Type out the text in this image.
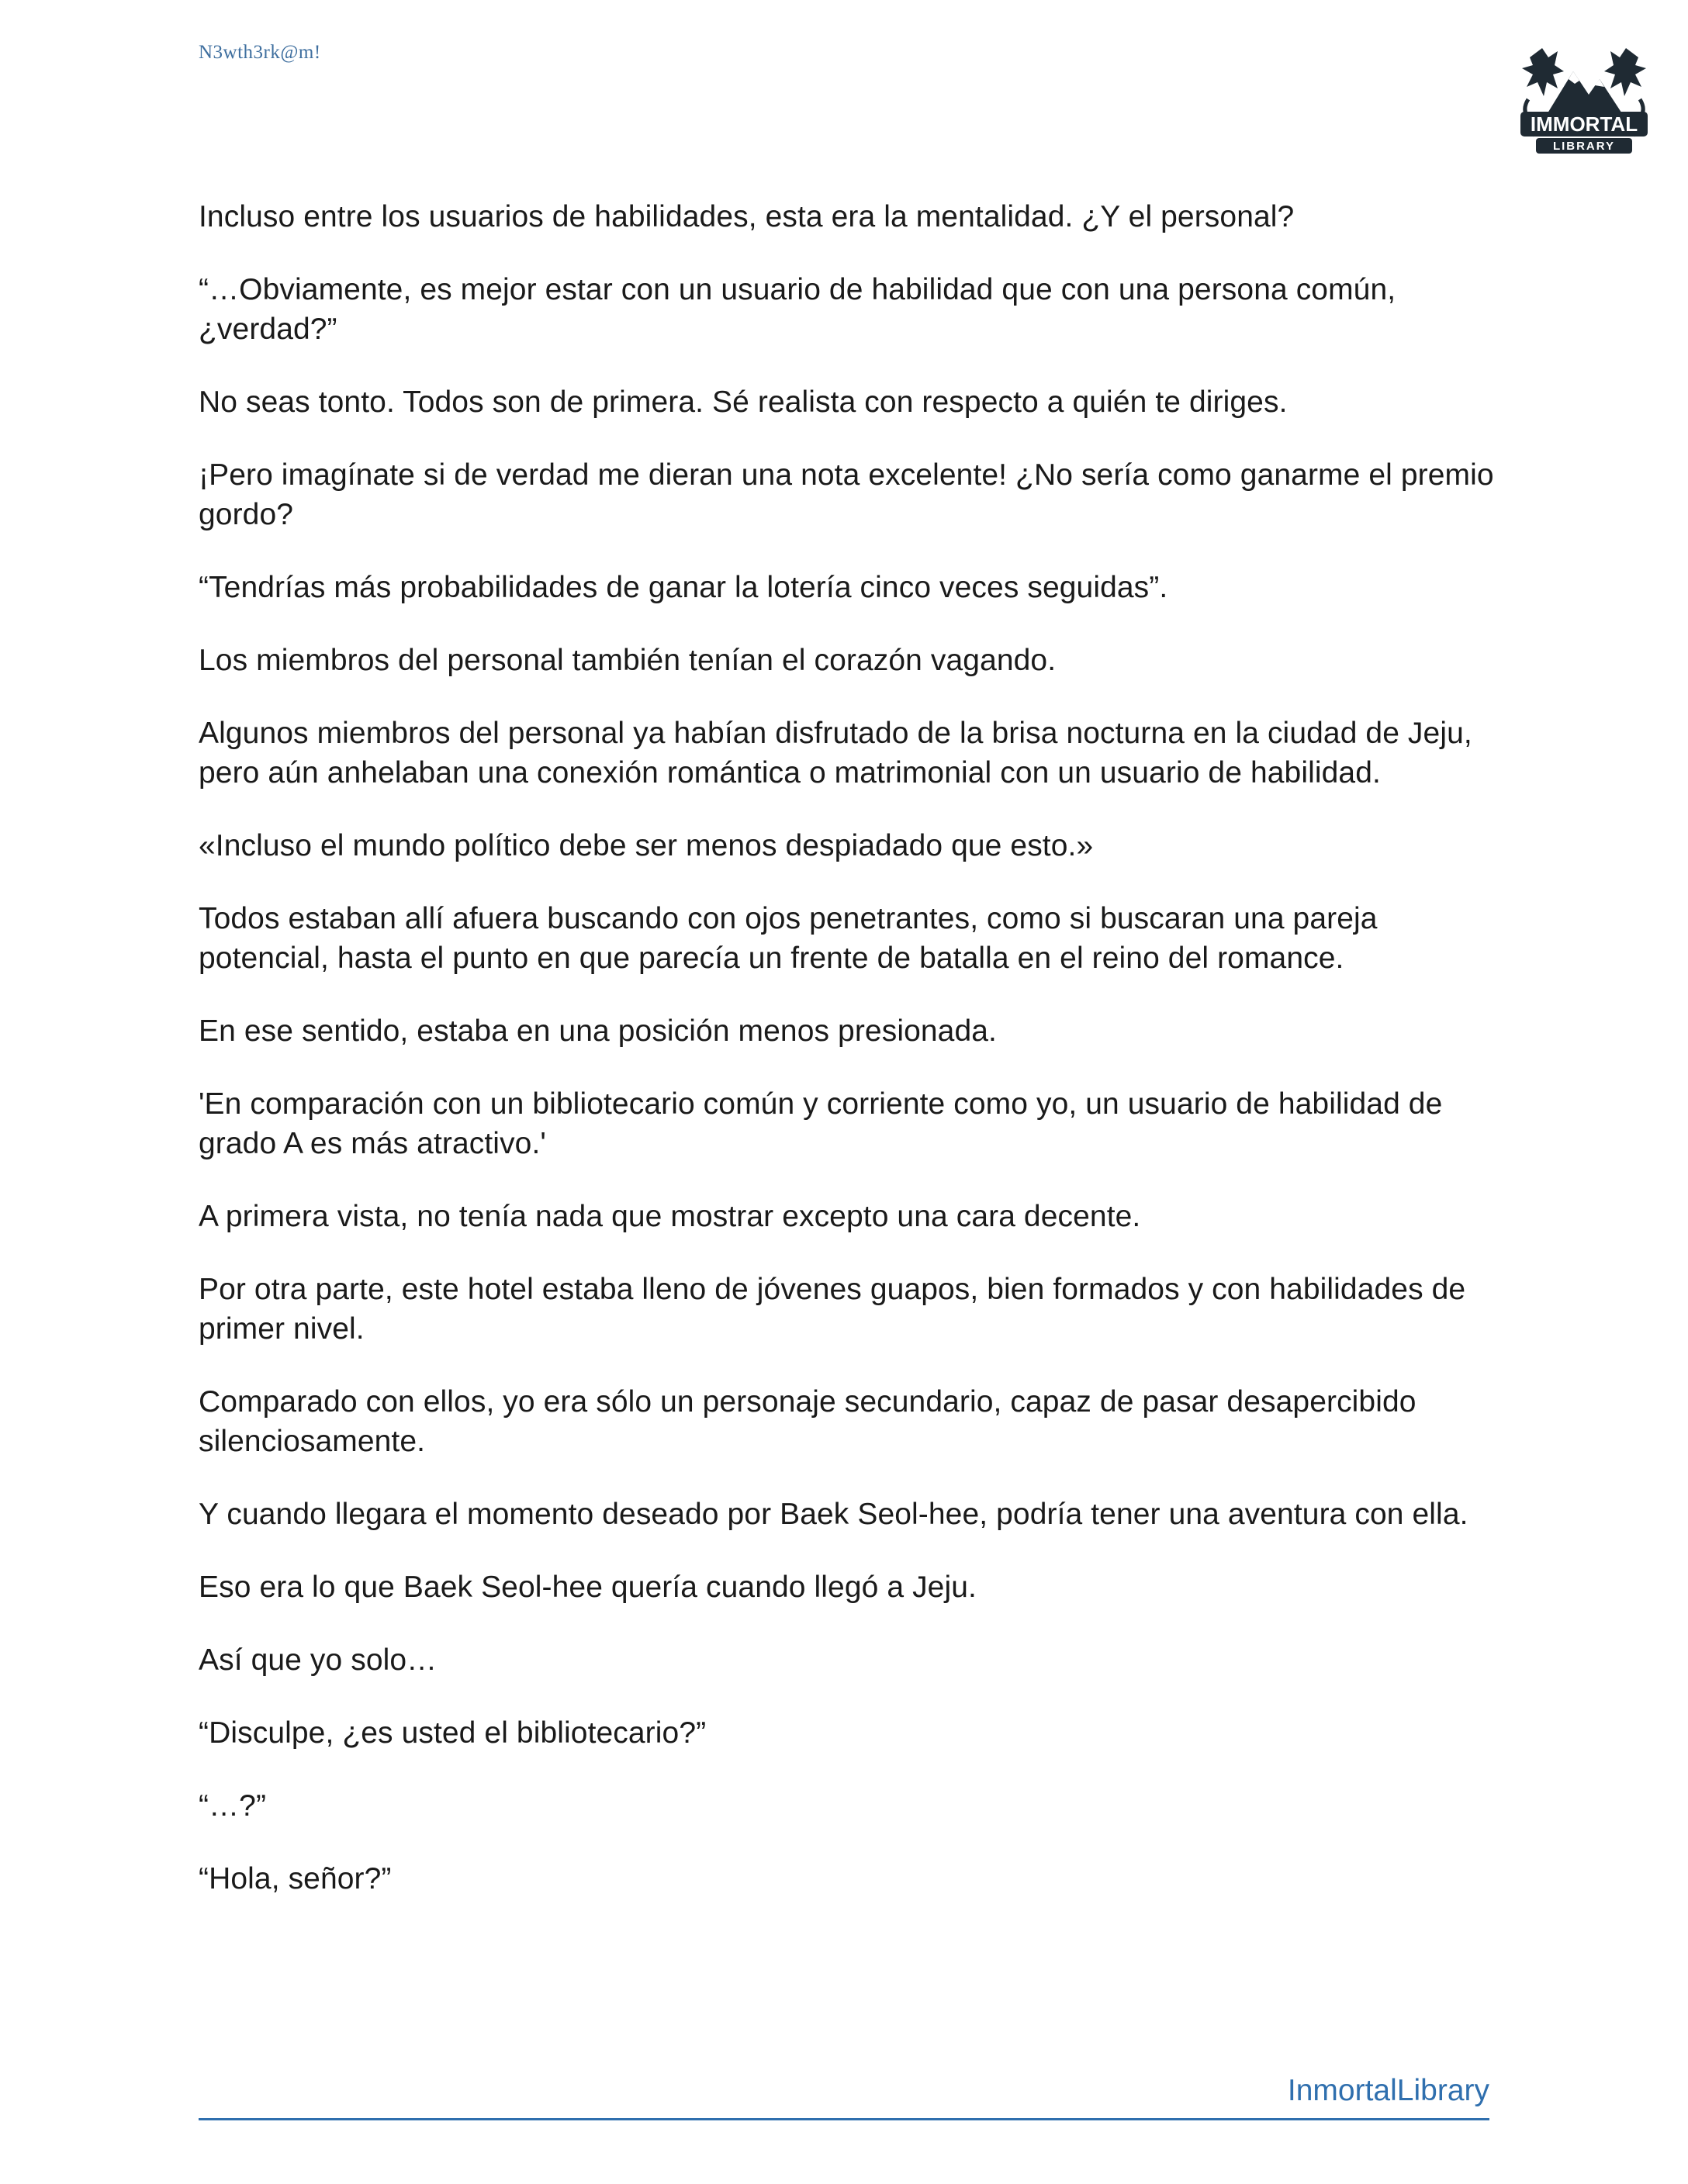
N3wth3rk@m!
IMMORTAL
LIBRARY

Incluso entre los usuarios de habilidades, esta era la mentalidad. ¿Y el personal?

“…Obviamente, es mejor estar con un usuario de habilidad que con una persona común, ¿verdad?”

No seas tonto. Todos son de primera. Sé realista con respecto a quién te diriges.

¡Pero imagínate si de verdad me dieran una nota excelente! ¿No sería como ganarme el premio gordo?

“Tendrías más probabilidades de ganar la lotería cinco veces seguidas”.

Los miembros del personal también tenían el corazón vagando.

Algunos miembros del personal ya habían disfrutado de la brisa nocturna en la ciudad de Jeju, pero aún anhelaban una conexión romántica o matrimonial con un usuario de habilidad.

«Incluso el mundo político debe ser menos despiadado que esto.»

Todos estaban allí afuera buscando con ojos penetrantes, como si buscaran una pareja potencial, hasta el punto en que parecía un frente de batalla en el reino del romance.

En ese sentido, estaba en una posición menos presionada.

'En comparación con un bibliotecario común y corriente como yo, un usuario de habilidad de grado A es más atractivo.'

A primera vista, no tenía nada que mostrar excepto una cara decente.

Por otra parte, este hotel estaba lleno de jóvenes guapos, bien formados y con habilidades de primer nivel.

Comparado con ellos, yo era sólo un personaje secundario, capaz de pasar desapercibido silenciosamente.

Y cuando llegara el momento deseado por Baek Seol-hee, podría tener una aventura con ella.

Eso era lo que Baek Seol-hee quería cuando llegó a Jeju.

Así que yo solo…

“Disculpe, ¿es usted el bibliotecario?”

“…?”

“Hola, señor?”

InmortalLibrary
